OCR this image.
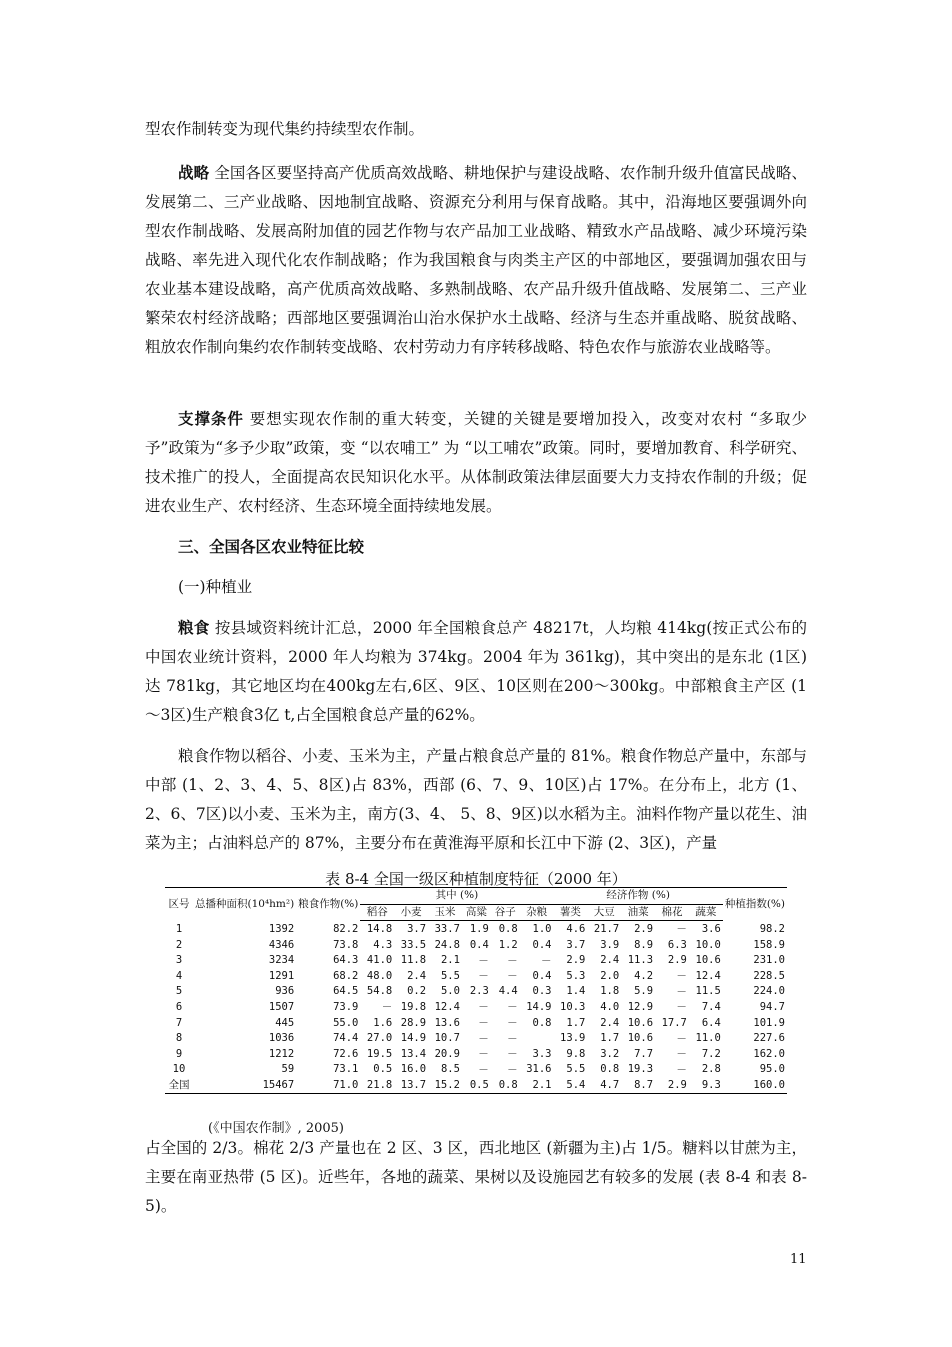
型农作制转变为现代集约持续型农作制。

战略 全国各区要坚持高产优质高效战略、耕地保护与建设战略、农作制升级升值富民战略、发展第二、三产业战略、因地制宜战略、资源充分利用与保育战略。其中，沿海地区要强调外向型农作制战略、发展高附加值的园艺作物与农产品加工业战略、精致水产品战略、减少环境污染战略、率先进入现代化农作制战略；作为我国粮食与肉类主产区的中部地区，要强调加强农田与农业基本建设战略，高产优质高效战略、多熟制战略、农产品升级升值战略、发展第二、三产业繁荣农村经济战略；西部地区要强调治山治水保护水土战略、经济与生态并重战略、脱贫战略、粗放农作制向集约农作制转变战略、农村劳动力有序转移战略、特色农作与旅游农业战略等。

支撑条件 要想实现农作制的重大转变，关键的关键是要增加投入，改变对农村 “多取少予”政策为“多予少取”政策，变 “以农哺工” 为 “以工哺农”政策。同时，要增加教育、科学研究、技术推广的投人，全面提高农民知识化水平。从体制政策法律层面要大力支持农作制的升级；促进农业生产、农村经济、生态环境全面持续地发展。

三、全国各区农业特征比较
(一)种植业

粮食 按县域资料统计汇总，2000 年全国粮食总产 48217t，人均粮 414kg(按正式公布的中国农业统计资料，2000 年人均粮为 374kg。2004 年为 361kg)，其中突出的是东北 (1区)达 781kg，其它地区均在400kg左右,6区、9区、10区则在200～300kg。中部粮食主产区 (1～3区)生产粮食3亿 t,占全国粮食总产量的62%。

粮食作物以稻谷、小麦、玉米为主，产量占粮食总产量的 81%。粮食作物总产量中，东部与中部 (1、2、3、4、5、8区)占 83%，西部 (6、7、9、10区)占 17%。在分布上，北方 (1、2、6、7区)以小麦、玉米为主，南方(3、4、 5、8、9区)以水稻为主。油料作物产量以花生、油菜为主；占油料总产的 87%，主要分布在黄淮海平原和长江中下游 (2、3区)，产量

表 8-4 全国一级区种植制度特征（2000 年）
区号	总播种面积(10⁴hm²)	粮食作物(%)	其中 (%)						经济作物 (%)					种植指数(%)
			稻谷	小麦	玉米	高粱	谷子	杂粮	薯类	大豆	油菜	棉花	蔬菜	
1	1392	82.2	14.8	3.7	33.7	1.9	0.8	1.0	4.6	21.7	2.9	－	3.6	98.2
2	4346	73.8	4.3	33.5	24.8	0.4	1.2	0.4	3.7	3.9	8.9	6.3	10.0	158.9
3	3234	64.3	41.0	11.8	2.1	－	－	－	2.9	2.4	11.3	2.9	10.6	231.0
4	1291	68.2	48.0	2.4	5.5	－	－	0.4	5.3	2.0	4.2	－	12.4	228.5
5	936	64.5	54.8	0.2	5.0	2.3	4.4	0.3	1.4	1.8	5.9	－	11.5	224.0
6	1507	73.9	－	19.8	12.4	－	－	14.9	10.3	4.0	12.9	－	7.4	94.7
7	445	55.0	1.6	28.9	13.6	－	－	0.8	1.7	2.4	10.6	17.7	6.4	101.9
8	1036	74.4	27.0	14.9	10.7	－	－		13.9	1.7	10.6	－	11.0	227.6
9	1212	72.6	19.5	13.4	20.9	－	－	3.3	9.8	3.2	7.7	－	7.2	162.0
10	59	73.1	0.5	16.0	8.5	－	－	31.6	5.5	0.8	19.3	－	2.8	95.0
全国	15467	71.0	21.8	13.7	15.2	0.5	0.8	2.1	5.4	4.7	8.7	2.9	9.3	160.0
(《中国农作制》, 2005)

占全国的 2/3。棉花 2/3 产量也在 2 区、3 区，西北地区 (新疆为主)占 1/5。糖料以甘蔗为主，主要在南亚热带 (5 区)。近些年，各地的蔬菜、果树以及设施园艺有较多的发展 (表 8-4 和表 8-5)。

11
